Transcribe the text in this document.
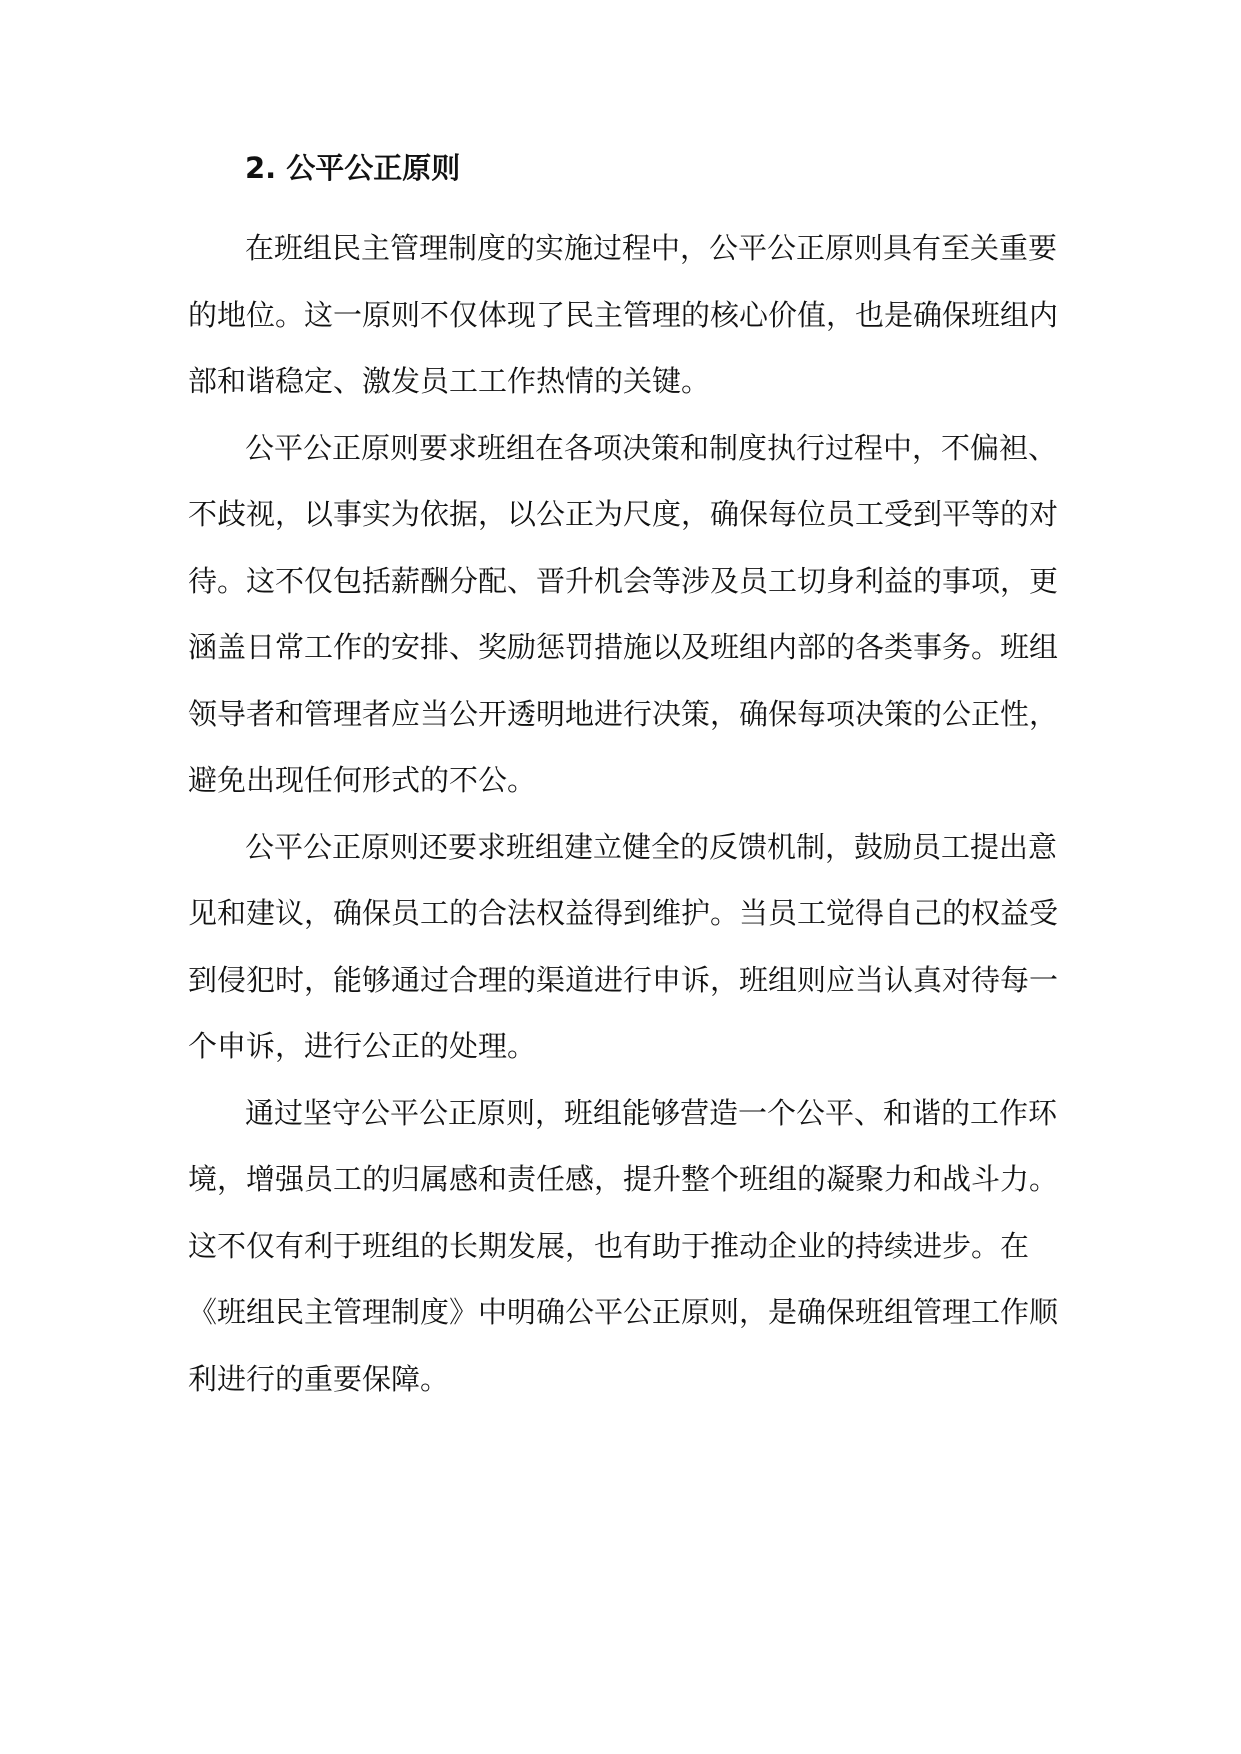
2. 公平公正原则

在班组民主管理制度的实施过程中，公平公正原则具有至关重要
的地位。这一原则不仅体现了民主管理的核心价值，也是确保班组内
部和谐稳定、激发员工工作热情的关键。

公平公正原则要求班组在各项决策和制度执行过程中，不偏袒、
不歧视，以事实为依据，以公正为尺度，确保每位员工受到平等的对
待。这不仅包括薪酬分配、晋升机会等涉及员工切身利益的事项，更
涵盖日常工作的安排、奖励惩罚措施以及班组内部的各类事务。班组
领导者和管理者应当公开透明地进行决策，确保每项决策的公正性，
避免出现任何形式的不公。

公平公正原则还要求班组建立健全的反馈机制，鼓励员工提出意
见和建议，确保员工的合法权益得到维护。当员工觉得自己的权益受
到侵犯时，能够通过合理的渠道进行申诉，班组则应当认真对待每一
个申诉，进行公正的处理。

通过坚守公平公正原则，班组能够营造一个公平、和谐的工作环
境，增强员工的归属感和责任感，提升整个班组的凝聚力和战斗力。
这不仅有利于班组的长期发展，也有助于推动企业的持续进步。在
《班组民主管理制度》中明确公平公正原则，是确保班组管理工作顺
利进行的重要保障。
